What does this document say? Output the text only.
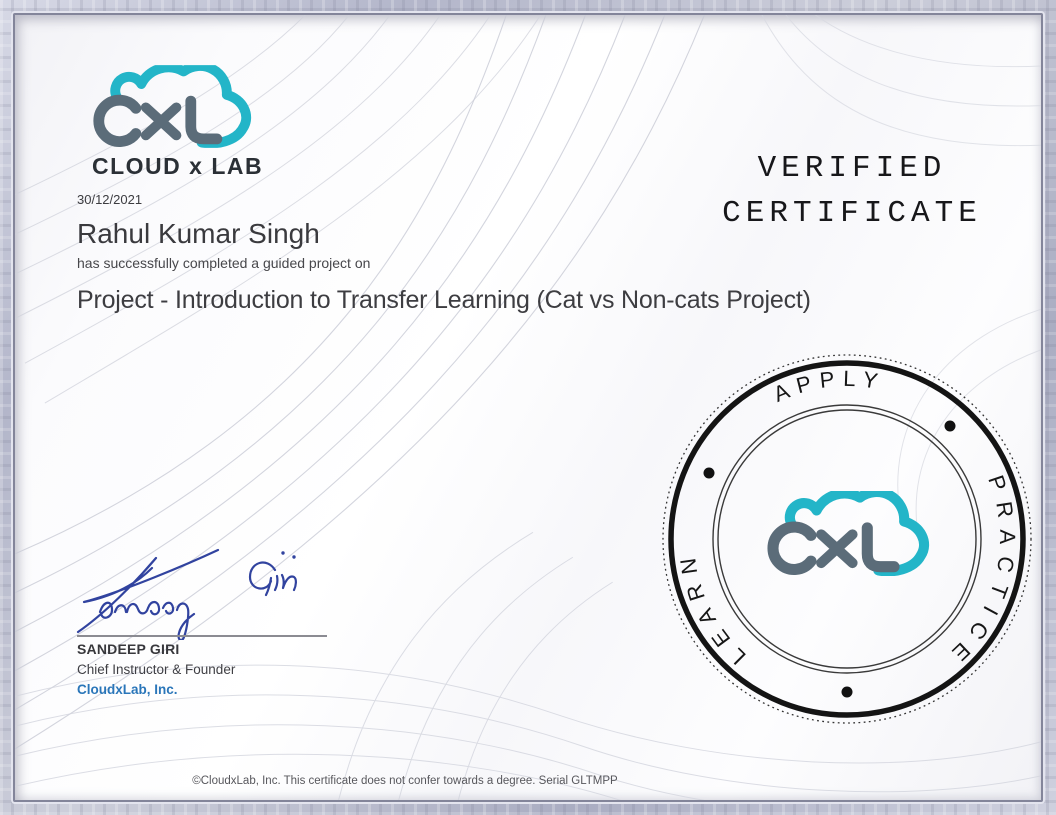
CLOUD x LAB
30/12/2021
Rahul Kumar Singh
has successfully completed a guided project on
Project - Introduction to Transfer Learning (Cat vs Non-cats Project)
VERIFIED
CERTIFICATE
APPLY
PRACTICE
LEARN
SANDEEP GIRI
Chief Instructor & Founder
CloudxLab, Inc.
©CloudxLab, Inc. This certificate does not confer towards a degree. Serial GLTMPP
